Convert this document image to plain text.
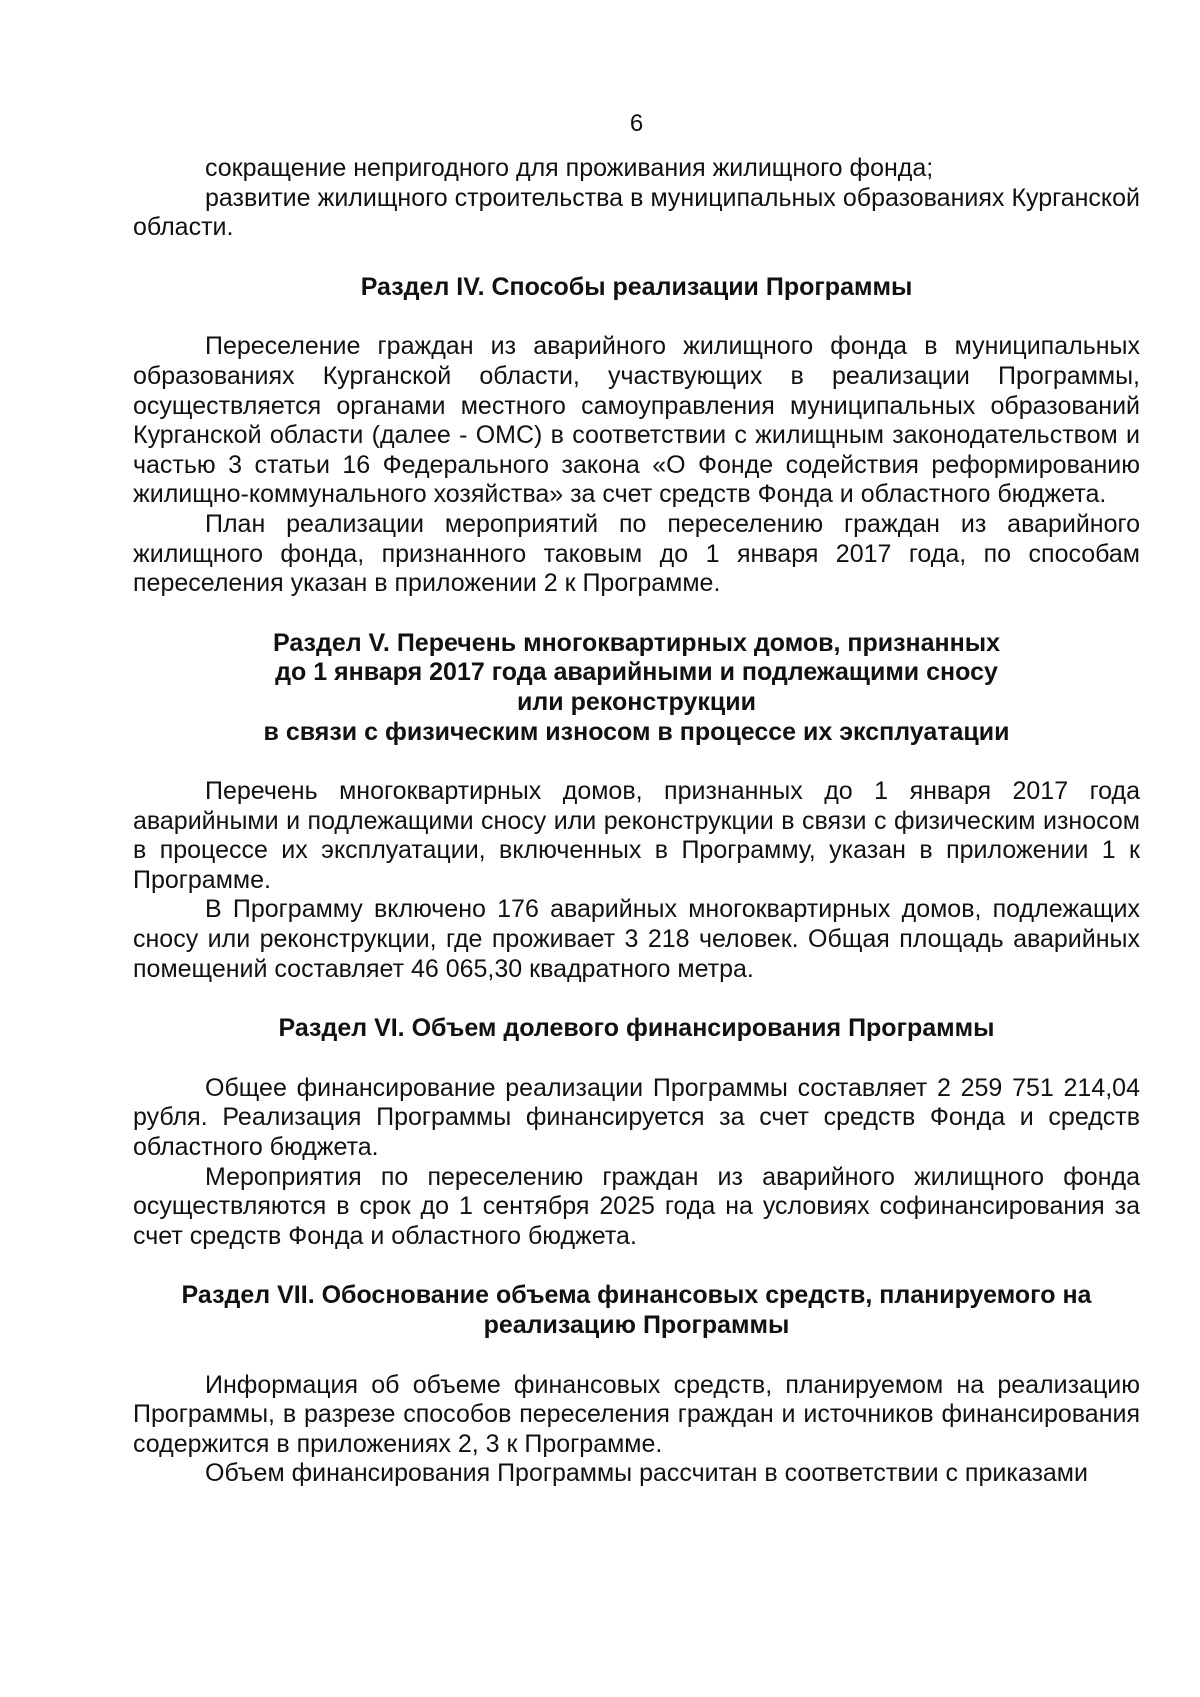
6

сокращение непригодного для проживания жилищного фонда;

развитие жилищного строительства в муниципальных образованиях Курганской области.

Раздел IV. Способы реализации Программы

Переселение граждан из аварийного жилищного фонда в муниципальных образованиях Курганской области, участвующих в реализации Программы, осуществляется органами местного самоуправления муниципальных образований Курганской области (далее - ОМС) в соответствии с жилищным законодательством и частью 3 статьи 16 Федерального закона «О Фонде содействия реформированию жилищно-коммунального хозяйства» за счет средств Фонда и областного бюджета.

План реализации мероприятий по переселению граждан из аварийного жилищного фонда, признанного таковым до 1 января 2017 года, по способам переселения указан в приложении 2 к Программе.

Раздел V. Перечень многоквартирных домов, признанных
до 1 января 2017 года аварийными и подлежащими сносу
или реконструкции
в связи с физическим износом в процессе их эксплуатации

Перечень многоквартирных домов, признанных до 1 января 2017 года аварийными и подлежащими сносу или реконструкции в связи с физическим износом в процессе их эксплуатации, включенных в Программу, указан в приложении 1 к Программе.

В Программу включено 176 аварийных многоквартирных домов, подлежащих сносу или реконструкции, где проживает 3 218 человек. Общая площадь аварийных помещений составляет 46 065,30 квадратного метра.

Раздел VI. Объем долевого финансирования Программы

Общее финансирование реализации Программы составляет 2 259 751 214,04 рубля. Реализация Программы финансируется за счет средств Фонда и средств областного бюджета.

Мероприятия по переселению граждан из аварийного жилищного фонда осуществляются в срок до 1 сентября 2025 года на условиях софинансирования за счет средств Фонда и областного бюджета.

Раздел VII. Обоснование объема финансовых средств, планируемого на
реализацию Программы

Информация об объеме финансовых средств, планируемом на реализацию Программы, в разрезе способов переселения граждан и источников финансирования содержится в приложениях 2, 3 к Программе.

Объем финансирования Программы рассчитан в соответствии с приказами
